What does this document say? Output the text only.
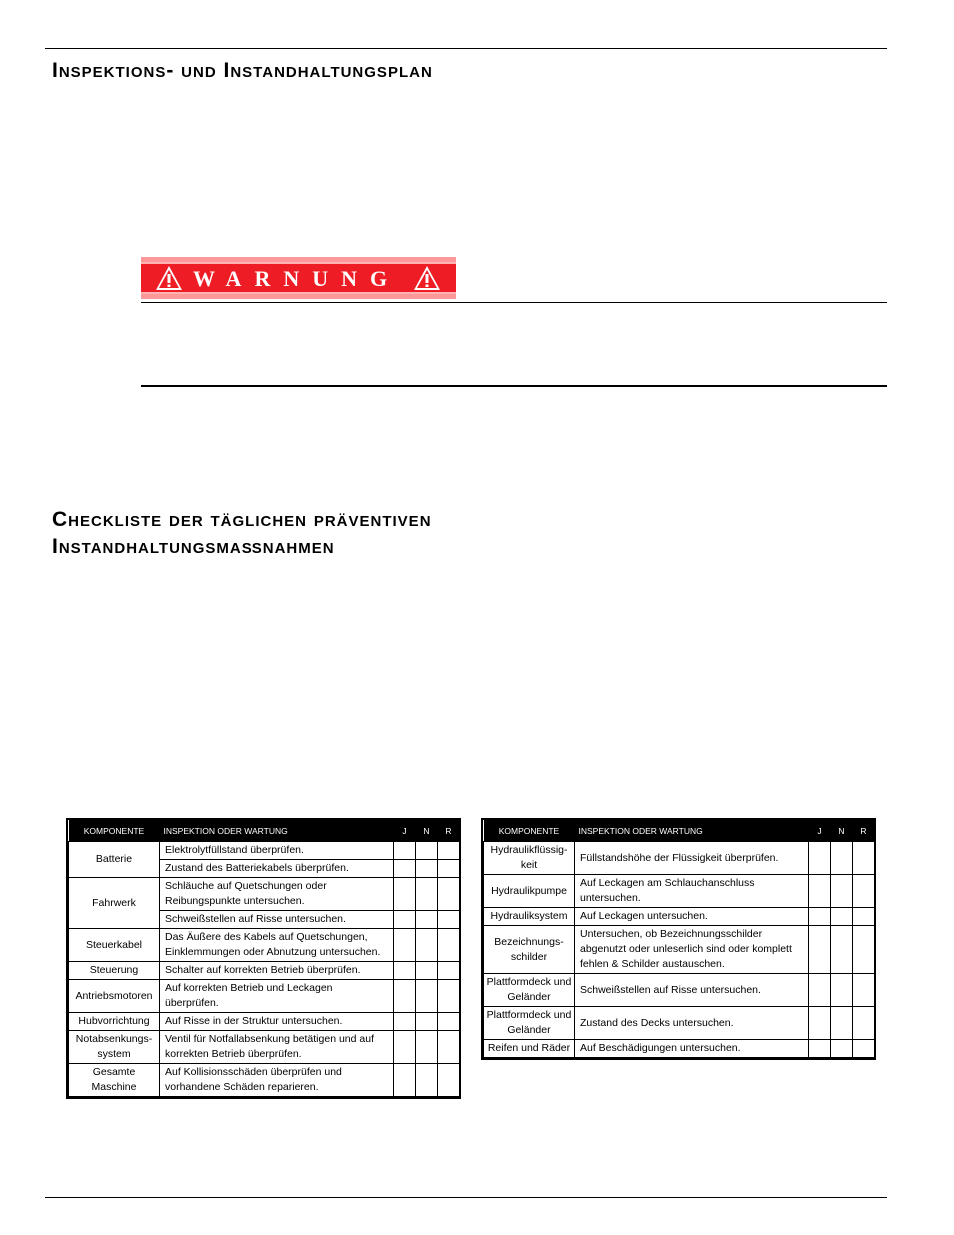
Inspektions- und Instandhaltungsplan
WARNUNG
Checkliste der täglichen präventiven
Instandhaltungsmaßnahmen
KOMPONENTE	INSPEKTION ODER WARTUNG	J	N	R
Batterie	Elektrolytfüllstand überprüfen.			
	Zustand des Batteriekabels überprüfen.			
Fahrwerk	Schläuche auf Quetschungen oder Reibungspunkte untersuchen.			
	Schweißstellen auf Risse untersuchen.			
Steuerkabel	Das Äußere des Kabels auf Quetschungen, Einklemmungen oder Abnutzung untersuchen.			
Steuerung	Schalter auf korrekten Betrieb überprüfen.			
Antriebsmotoren	Auf korrekten Betrieb und Leckagen überprüfen.			
Hubvorrichtung	Auf Risse in der Struktur untersuchen.			
Notabsenkungs-system	Ventil für Notfallabsenkung betätigen und auf korrekten Betrieb überprüfen.			
Gesamte Maschine	Auf Kollisionsschäden überprüfen und vorhandene Schäden reparieren.			
KOMPONENTE	INSPEKTION ODER WARTUNG	J	N	R
Hydraulikflüssig-keit	Füllstandshöhe der Flüssigkeit überprüfen.			
Hydraulikpumpe	Auf Leckagen am Schlauchanschluss untersuchen.			
Hydrauliksystem	Auf Leckagen untersuchen.			
Bezeichnungs-schilder	Untersuchen, ob Bezeichnungsschilder abgenutzt oder unleserlich sind oder komplett fehlen & Schilder austauschen.			
Plattformdeck und Geländer	Schweißstellen auf Risse untersuchen.			
Plattformdeck und Geländer	Zustand des Decks untersuchen.			
Reifen und Räder	Auf Beschädigungen untersuchen.			
